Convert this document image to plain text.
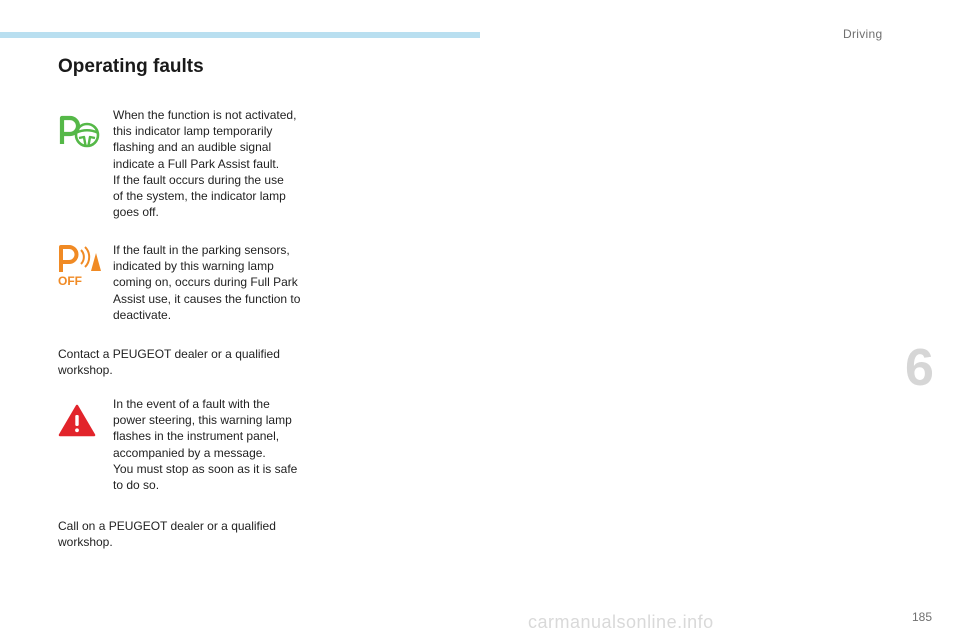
Driving
Operating faults

When the function is not activated,
this indicator lamp temporarily
flashing and an audible signal
indicate a Full Park Assist fault.
If the fault occurs during the use
of the system, the indicator lamp
goes off.

OFF

If the fault in the parking sensors,
indicated by this warning lamp
coming on, occurs during Full Park
Assist use, it causes the function to
deactivate.

Contact a PEUGEOT dealer or a qualified
workshop.

In the event of a fault with the
power steering, this warning lamp
flashes in the instrument panel,
accompanied by a message.
You must stop as soon as it is safe
to do so.

Call on a PEUGEOT dealer or a qualified
workshop.

6
carmanualsonline.info	185
